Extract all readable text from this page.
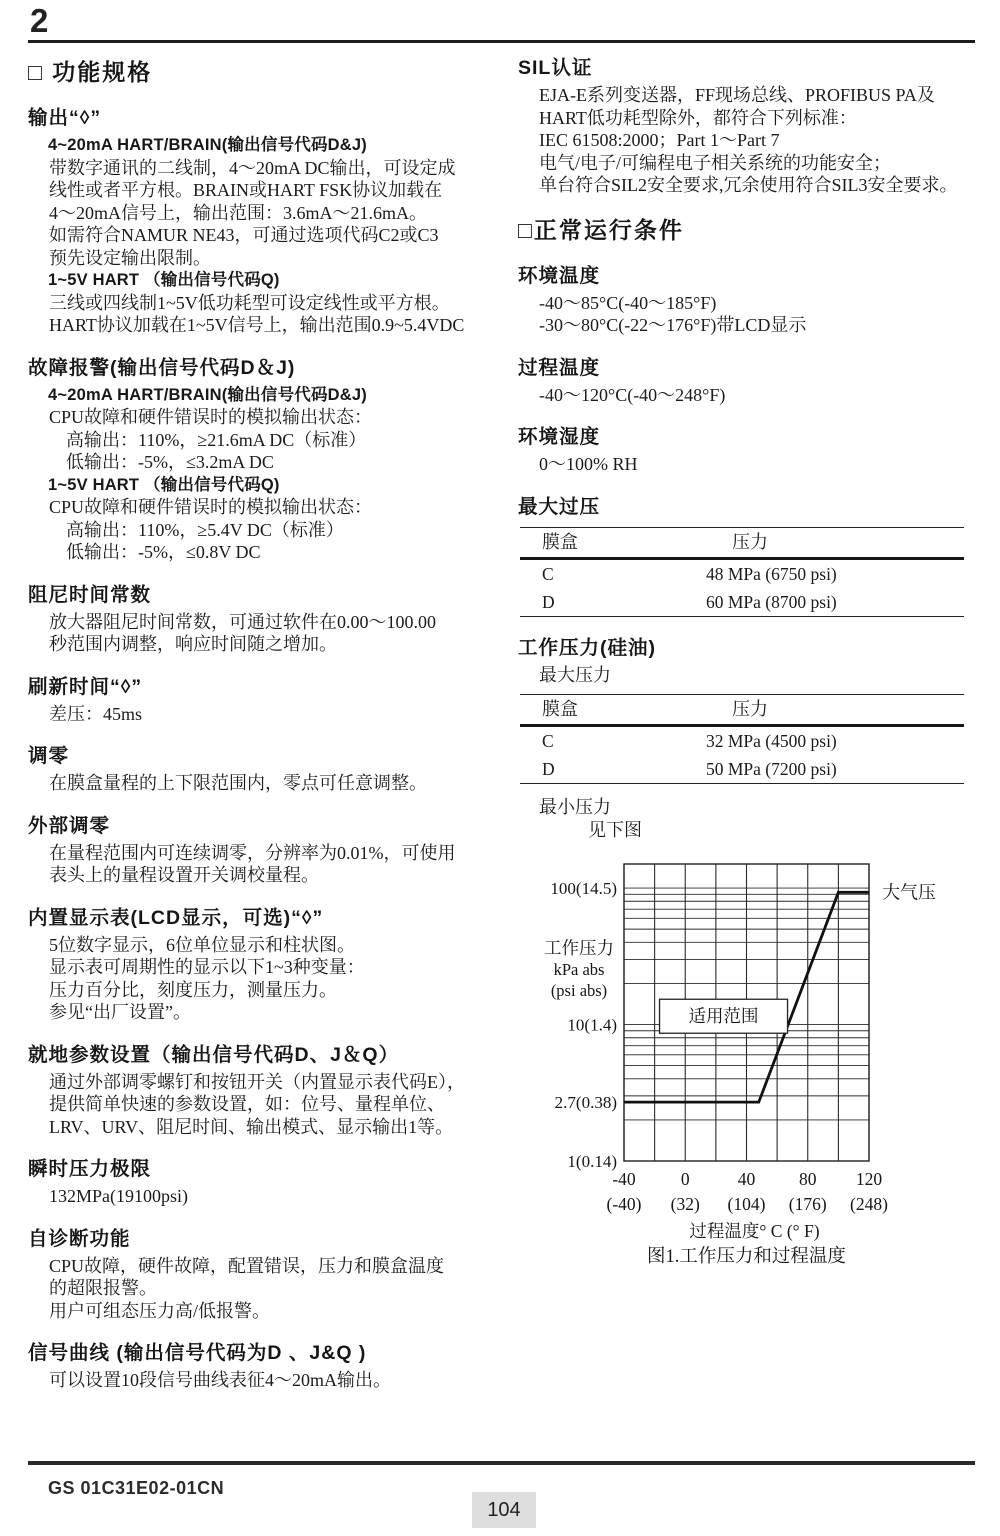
2
□ 功能规格
输出“◊”
4~20mA HART/BRAIN(输出信号代码D&J)
带数字通讯的二线制，4～20mA DC输出，可设定成
线性或者平方根。BRAIN或HART FSK协议加载在
4～20mA信号上，输出范围：3.6mA～21.6mA。
如需符合NAMUR NE43，可通过选项代码C2或C3
预先设定输出限制。
1~5V HART （输出信号代码Q)
三线或四线制1~5V低功耗型可设定线性或平方根。
HART协议加载在1~5V信号上，输出范围0.9~5.4VDC
故障报警(输出信号代码D＆J)
4~20mA HART/BRAIN(输出信号代码D&J)
CPU故障和硬件错误时的模拟输出状态：
高输出：110%，≥21.6mA DC（标准）
低输出：-5%，≤3.2mA DC
1~5V HART （输出信号代码Q)
CPU故障和硬件错误时的模拟输出状态：
高输出：110%，≥5.4V DC（标准）
低输出：-5%，≤0.8V DC
阻尼时间常数
放大器阻尼时间常数，可通过软件在0.00～100.00
秒范围内调整，响应时间随之增加。
刷新时间“◊”
差压：45ms
调零
在膜盒量程的上下限范围内，零点可任意调整。
外部调零
在量程范围内可连续调零，分辨率为0.01%，可使用
表头上的量程设置开关调校量程。
内置显示表(LCD显示，可选)“◊”
5位数字显示，6位单位显示和柱状图。
显示表可周期性的显示以下1~3种变量：
压力百分比，刻度压力，测量压力。
参见“出厂设置”。
就地参数设置（输出信号代码D、J＆Q）
通过外部调零螺钉和按钮开关（内置显示表代码E），
提供简单快速的参数设置，如：位号、量程单位、
LRV、URV、阻尼时间、输出模式、显示输出1等。
瞬时压力极限
132MPa(19100psi)
自诊断功能
CPU故障，硬件故障，配置错误，压力和膜盒温度
的超限报警。
用户可组态压力高/低报警。
信号曲线 (输出信号代码为D 、J&Q )
可以设置10段信号曲线表征4～20mA输出。
SIL认证
EJA-E系列变送器，FF现场总线、PROFIBUS PA及
HART低功耗型除外，都符合下列标准：
IEC 61508:2000；Part 1～Part 7
电气/电子/可编程电子相关系统的功能安全；
单台符合SIL2安全要求,冗余使用符合SIL3安全要求。
□正常运行条件
环境温度
-40～85°C(-40～185°F)
-30～80°C(-22～176°F)带LCD显示
过程温度
-40～120°C(-40～248°F)
环境湿度
0～100% RH
最大过压
膜盒	压力
C	48 MPa (6750 psi)
D	60 MPa (8700 psi)
工作压力(硅油)
最大压力
膜盒	压力
C	32 MPa (4500 psi)
D	50 MPa (7200 psi)
最小压力
见下图
100(14.5)
10(1.4)
2.7(0.38)
1(0.14)
工作压力
kPa abs
(psi abs)
-40
(-40)
0
(32)
40
(104)
80
(176)
120
(248)
适用范围
大气压
过程温度° C (° F)
图1.工作压力和过程温度
GS 01C31E02-01CN
104
